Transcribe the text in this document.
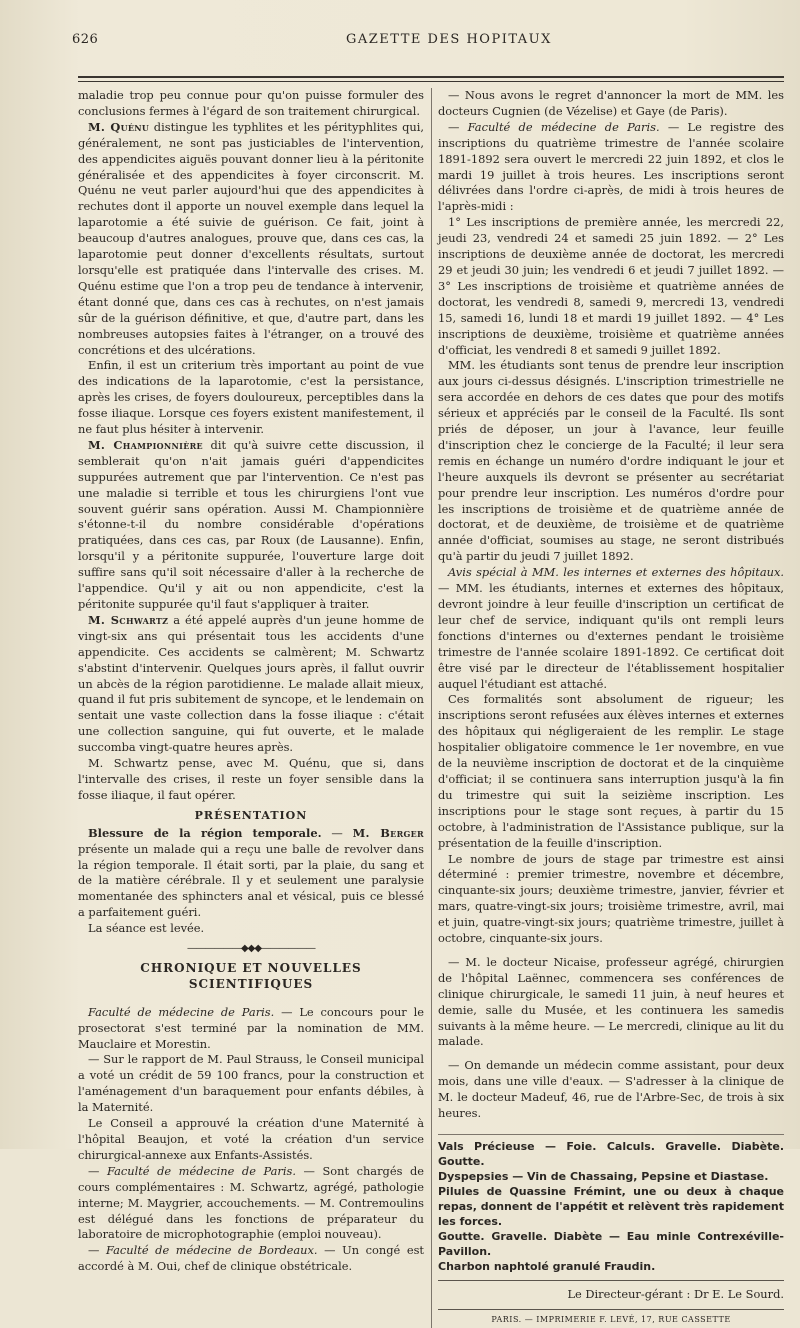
626	GAZETTE DES HOPITAUX

maladie trop peu connue pour qu'on puisse formuler des conclusions fermes à l'égard de son traitement chirurgical.

M. Quénu distingue les typhlites et les pérityphlites qui, généralement, ne sont pas justiciables de l'intervention, des appendicites aiguës pouvant donner lieu à la péritonite généralisée et des appendicites à foyer circonscrit. M. Quénu ne veut parler aujourd'hui que des appendicites à rechutes dont il apporte un nouvel exemple dans lequel la laparotomie a été suivie de guérison. Ce fait, joint à beaucoup d'autres analogues, prouve que, dans ces cas, la laparotomie peut donner d'excellents résultats, surtout lorsqu'elle est pratiquée dans l'intervalle des crises. M. Quénu estime que l'on a trop peu de tendance à intervenir, étant donné que, dans ces cas à rechutes, on n'est jamais sûr de la guérison définitive, et que, d'autre part, dans les nombreuses autopsies faites à l'étranger, on a trouvé des concrétions et des ulcérations.

Enfin, il est un criterium très important au point de vue des indications de la laparotomie, c'est la persistance, après les crises, de foyers douloureux, perceptibles dans la fosse iliaque. Lorsque ces foyers existent manifestement, il ne faut plus hésiter à intervenir.

M. Championnière dit qu'à suivre cette discussion, il semblerait qu'on n'ait jamais guéri d'appendicites suppurées autrement que par l'intervention. Ce n'est pas une maladie si terrible et tous les chirurgiens l'ont vue souvent guérir sans opération. Aussi M. Championnière s'étonne-t-il du nombre considérable d'opérations pratiquées, dans ces cas, par Roux (de Lausanne). Enfin, lorsqu'il y a péritonite suppurée, l'ouverture large doit suffire sans qu'il soit nécessaire d'aller à la recherche de l'appendice. Qu'il y ait ou non appendicite, c'est la péritonite suppurée qu'il faut s'appliquer à traiter.

M. Schwartz a été appelé auprès d'un jeune homme de vingt-six ans qui présentait tous les accidents d'une appendicite. Ces accidents se calmèrent; M. Schwartz s'abstint d'intervenir. Quelques jours après, il fallut ouvrir un abcès de la région parotidienne. Le malade allait mieux, quand il fut pris subitement de syncope, et le lendemain on sentait une vaste collection dans la fosse iliaque : c'était une collection sanguine, qui fut ouverte, et le malade succomba vingt-quatre heures après.

M. Schwartz pense, avec M. Quénu, que si, dans l'intervalle des crises, il reste un foyer sensible dans la fosse iliaque, il faut opérer.

PRÉSENTATION

Blessure de la région temporale. — M. Berger présente un malade qui a reçu une balle de revolver dans la région temporale. Il était sorti, par la plaie, du sang et de la matière cérébrale. Il y et seulement une paralysie momentanée des sphincters anal et vésical, puis ce blessé a parfaitement guéri.

La séance est levée.

——————◆◆◆——————
CHRONIQUE ET NOUVELLES SCIENTIFIQUES

Faculté de médecine de Paris. — Le concours pour le prosectorat s'est terminé par la nomination de MM. Mauclaire et Morestin.

— Sur le rapport de M. Paul Strauss, le Conseil municipal a voté un crédit de 59 100 francs, pour la construction et l'aménagement d'un baraquement pour enfants débiles, à la Maternité.

Le Conseil a approuvé la création d'une Maternité à l'hôpital Beaujon, et voté la création d'un service chirurgical-annexe aux Enfants-Assistés.

— Faculté de médecine de Paris. — Sont chargés de cours complémentaires : M. Schwartz, agrégé, pathologie interne; M. Maygrier, accouchements. — M. Contremoulins est délégué dans les fonctions de préparateur du laboratoire de microphotographie (emploi nouveau).

— Faculté de médecine de Bordeaux. — Un congé est accordé à M. Oui, chef de clinique obstétricale.

— Nous avons le regret d'annoncer la mort de MM. les docteurs Cugnien (de Vézelise) et Gaye (de Paris).

— Faculté de médecine de Paris. — Le registre des inscriptions du quatrième trimestre de l'année scolaire 1891-1892 sera ouvert le mercredi 22 juin 1892, et clos le mardi 19 juillet à trois heures. Les inscriptions seront délivrées dans l'ordre ci-après, de midi à trois heures de l'après-midi :

1° Les inscriptions de première année, les mercredi 22, jeudi 23, vendredi 24 et samedi 25 juin 1892. — 2° Les inscriptions de deuxième année de doctorat, les mercredi 29 et jeudi 30 juin; les vendredi 6 et jeudi 7 juillet 1892. — 3° Les inscriptions de troisième et quatrième années de doctorat, les vendredi 8, samedi 9, mercredi 13, vendredi 15, samedi 16, lundi 18 et mardi 19 juillet 1892. — 4° Les inscriptions de deuxième, troisième et quatrième années d'officiat, les vendredi 8 et samedi 9 juillet 1892.

MM. les étudiants sont tenus de prendre leur inscription aux jours ci-dessus désignés. L'inscription trimestrielle ne sera accordée en dehors de ces dates que pour des motifs sérieux et appréciés par le conseil de la Faculté. Ils sont priés de déposer, un jour à l'avance, leur feuille d'inscription chez le concierge de la Faculté; il leur sera remis en échange un numéro d'ordre indiquant le jour et l'heure auxquels ils devront se présenter au secrétariat pour prendre leur inscription. Les numéros d'ordre pour les inscriptions de troisième et de quatrième année de doctorat, et de deuxième, de troisième et de quatrième année d'officiat, soumises au stage, ne seront distribués qu'à partir du jeudi 7 juillet 1892.

Avis spécial à MM. les internes et externes des hôpitaux. — MM. les étudiants, internes et externes des hôpitaux, devront joindre à leur feuille d'inscription un certificat de leur chef de service, indiquant qu'ils ont rempli leurs fonctions d'internes ou d'externes pendant le troisième trimestre de l'année scolaire 1891-1892. Ce certificat doit être visé par le directeur de l'établissement hospitalier auquel l'étudiant est attaché.

Ces formalités sont absolument de rigueur; les inscriptions seront refusées aux élèves internes et externes des hôpitaux qui négligeraient de les remplir. Le stage hospitalier obligatoire commence le 1er novembre, en vue de la neuvième inscription de doctorat et de la cinquième d'officiat; il se continuera sans interruption jusqu'à la fin du trimestre qui suit la seizième inscription. Les inscriptions pour le stage sont reçues, à partir du 15 octobre, à l'administration de l'Assistance publique, sur la présentation de la feuille d'inscription.

Le nombre de jours de stage par trimestre est ainsi déterminé : premier trimestre, novembre et décembre, cinquante-six jours; deuxième trimestre, janvier, février et mars, quatre-vingt-six jours; troisième trimestre, avril, mai et juin, quatre-vingt-six jours; quatrième trimestre, juillet à octobre, cinquante-six jours.

— M. le docteur Nicaise, professeur agrégé, chirurgien de l'hôpital Laënnec, commencera ses conférences de clinique chirurgicale, le samedi 11 juin, à neuf heures et demie, salle du Musée, et les continuera les samedis suivants à la même heure. — Le mercredi, clinique au lit du malade.

— On demande un médecin comme assistant, pour deux mois, dans une ville d'eaux. — S'adresser à la clinique de M. le docteur Madeuf, 46, rue de l'Arbre-Sec, de trois à six heures.

Vals Précieuse — Foie. Calculs. Gravelle. Diabète. Goutte.

Dyspepsies — Vin de Chassaing, Pepsine et Diastase.

Pilules de Quassine Frémint, une ou deux à chaque repas, donnent de l'appétit et relèvent très rapidement les forces.

Goutte. Gravelle. Diabète — Eau minle Contrexéville-Pavillon.

Charbon naphtolé granulé Fraudin.

Le Directeur-gérant : Dr E. Le Sourd.
PARIS. — IMPRIMERIE F. LEVÉ, 17, RUE CASSETTE
